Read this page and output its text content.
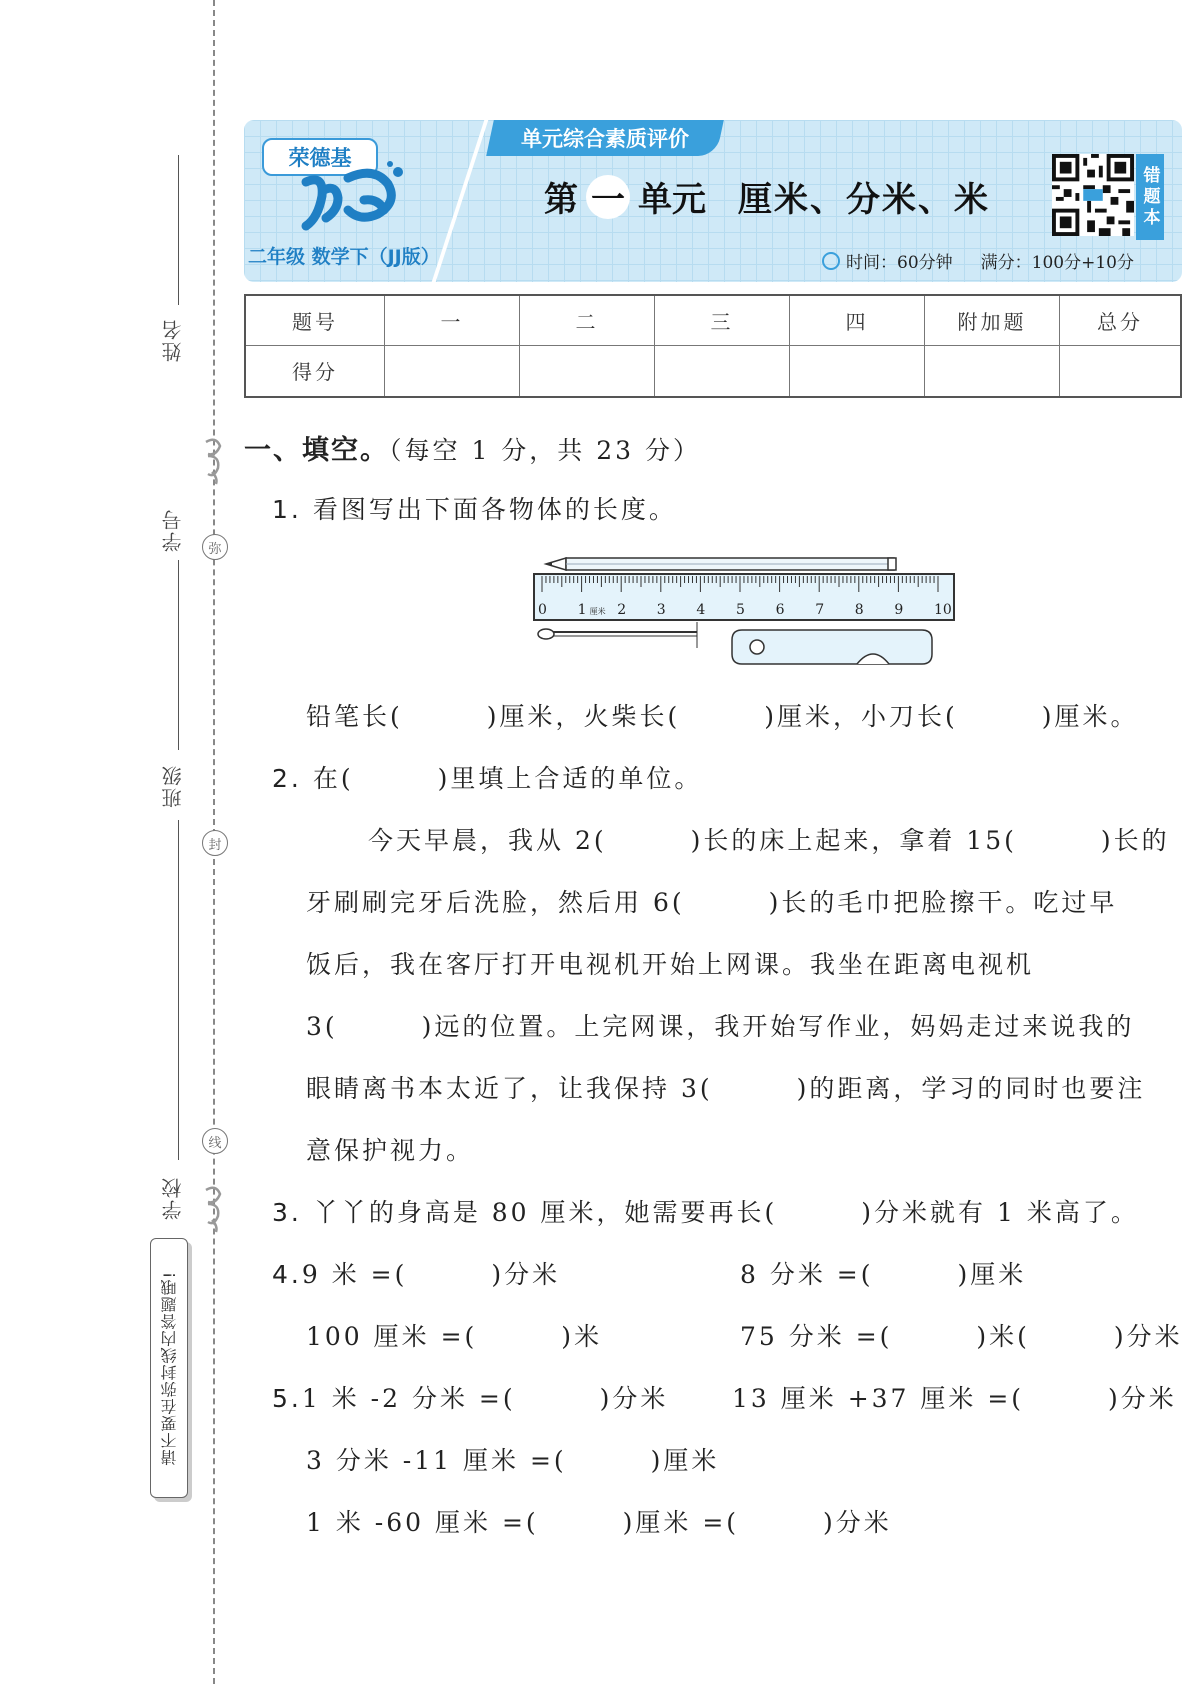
姓名
学号
班级
学校
弥
封
线
请不要在弥封线内答题哦!
荣德基
二年级 数学下（JJ版）
单元综合素质评价
第 一 单元 厘米、分米、米
时间：60分钟 满分：100分+10分
错题本
题号	一	二	三	四	附加题	总分
得分						
一、填空。（每空 1 分，共 23 分）
1. 看图写出下面各物体的长度。
0 1 2 3 4 5 6 7 8 9 10
厘米
铅笔长(　　　)厘米，火柴长(　　　)厘米，小刀长(　　　)厘米。
2. 在(　　　)里填上合适的单位。
今天早晨，我从 2(　　　)长的床上起来，拿着 15(　　　)长的
牙刷刷完牙后洗脸，然后用 6(　　　)长的毛巾把脸擦干。吃过早
饭后，我在客厅打开电视机开始上网课。我坐在距离电视机
3(　　　)远的位置。上完网课，我开始写作业，妈妈走过来说我的
眼睛离书本太近了，让我保持 3(　　　)的距离，学习的同时也要注
意保护视力。
3. 丫丫的身高是 80 厘米，她需要再长(　　　)分米就有 1 米高了。
4.9 米 =(　　　)分米	8 分米 =(　　　)厘米
100 厘米 =(　　　)米	75 分米 =(　　　)米(　　　)分米
5.1 米 -2 分米 =(　　　)分米	13 厘米 +37 厘米 =(　　　)分米
3 分米 -11 厘米 =(　　　)厘米
1 米 -60 厘米 =(　　　)厘米 =(　　　)分米
